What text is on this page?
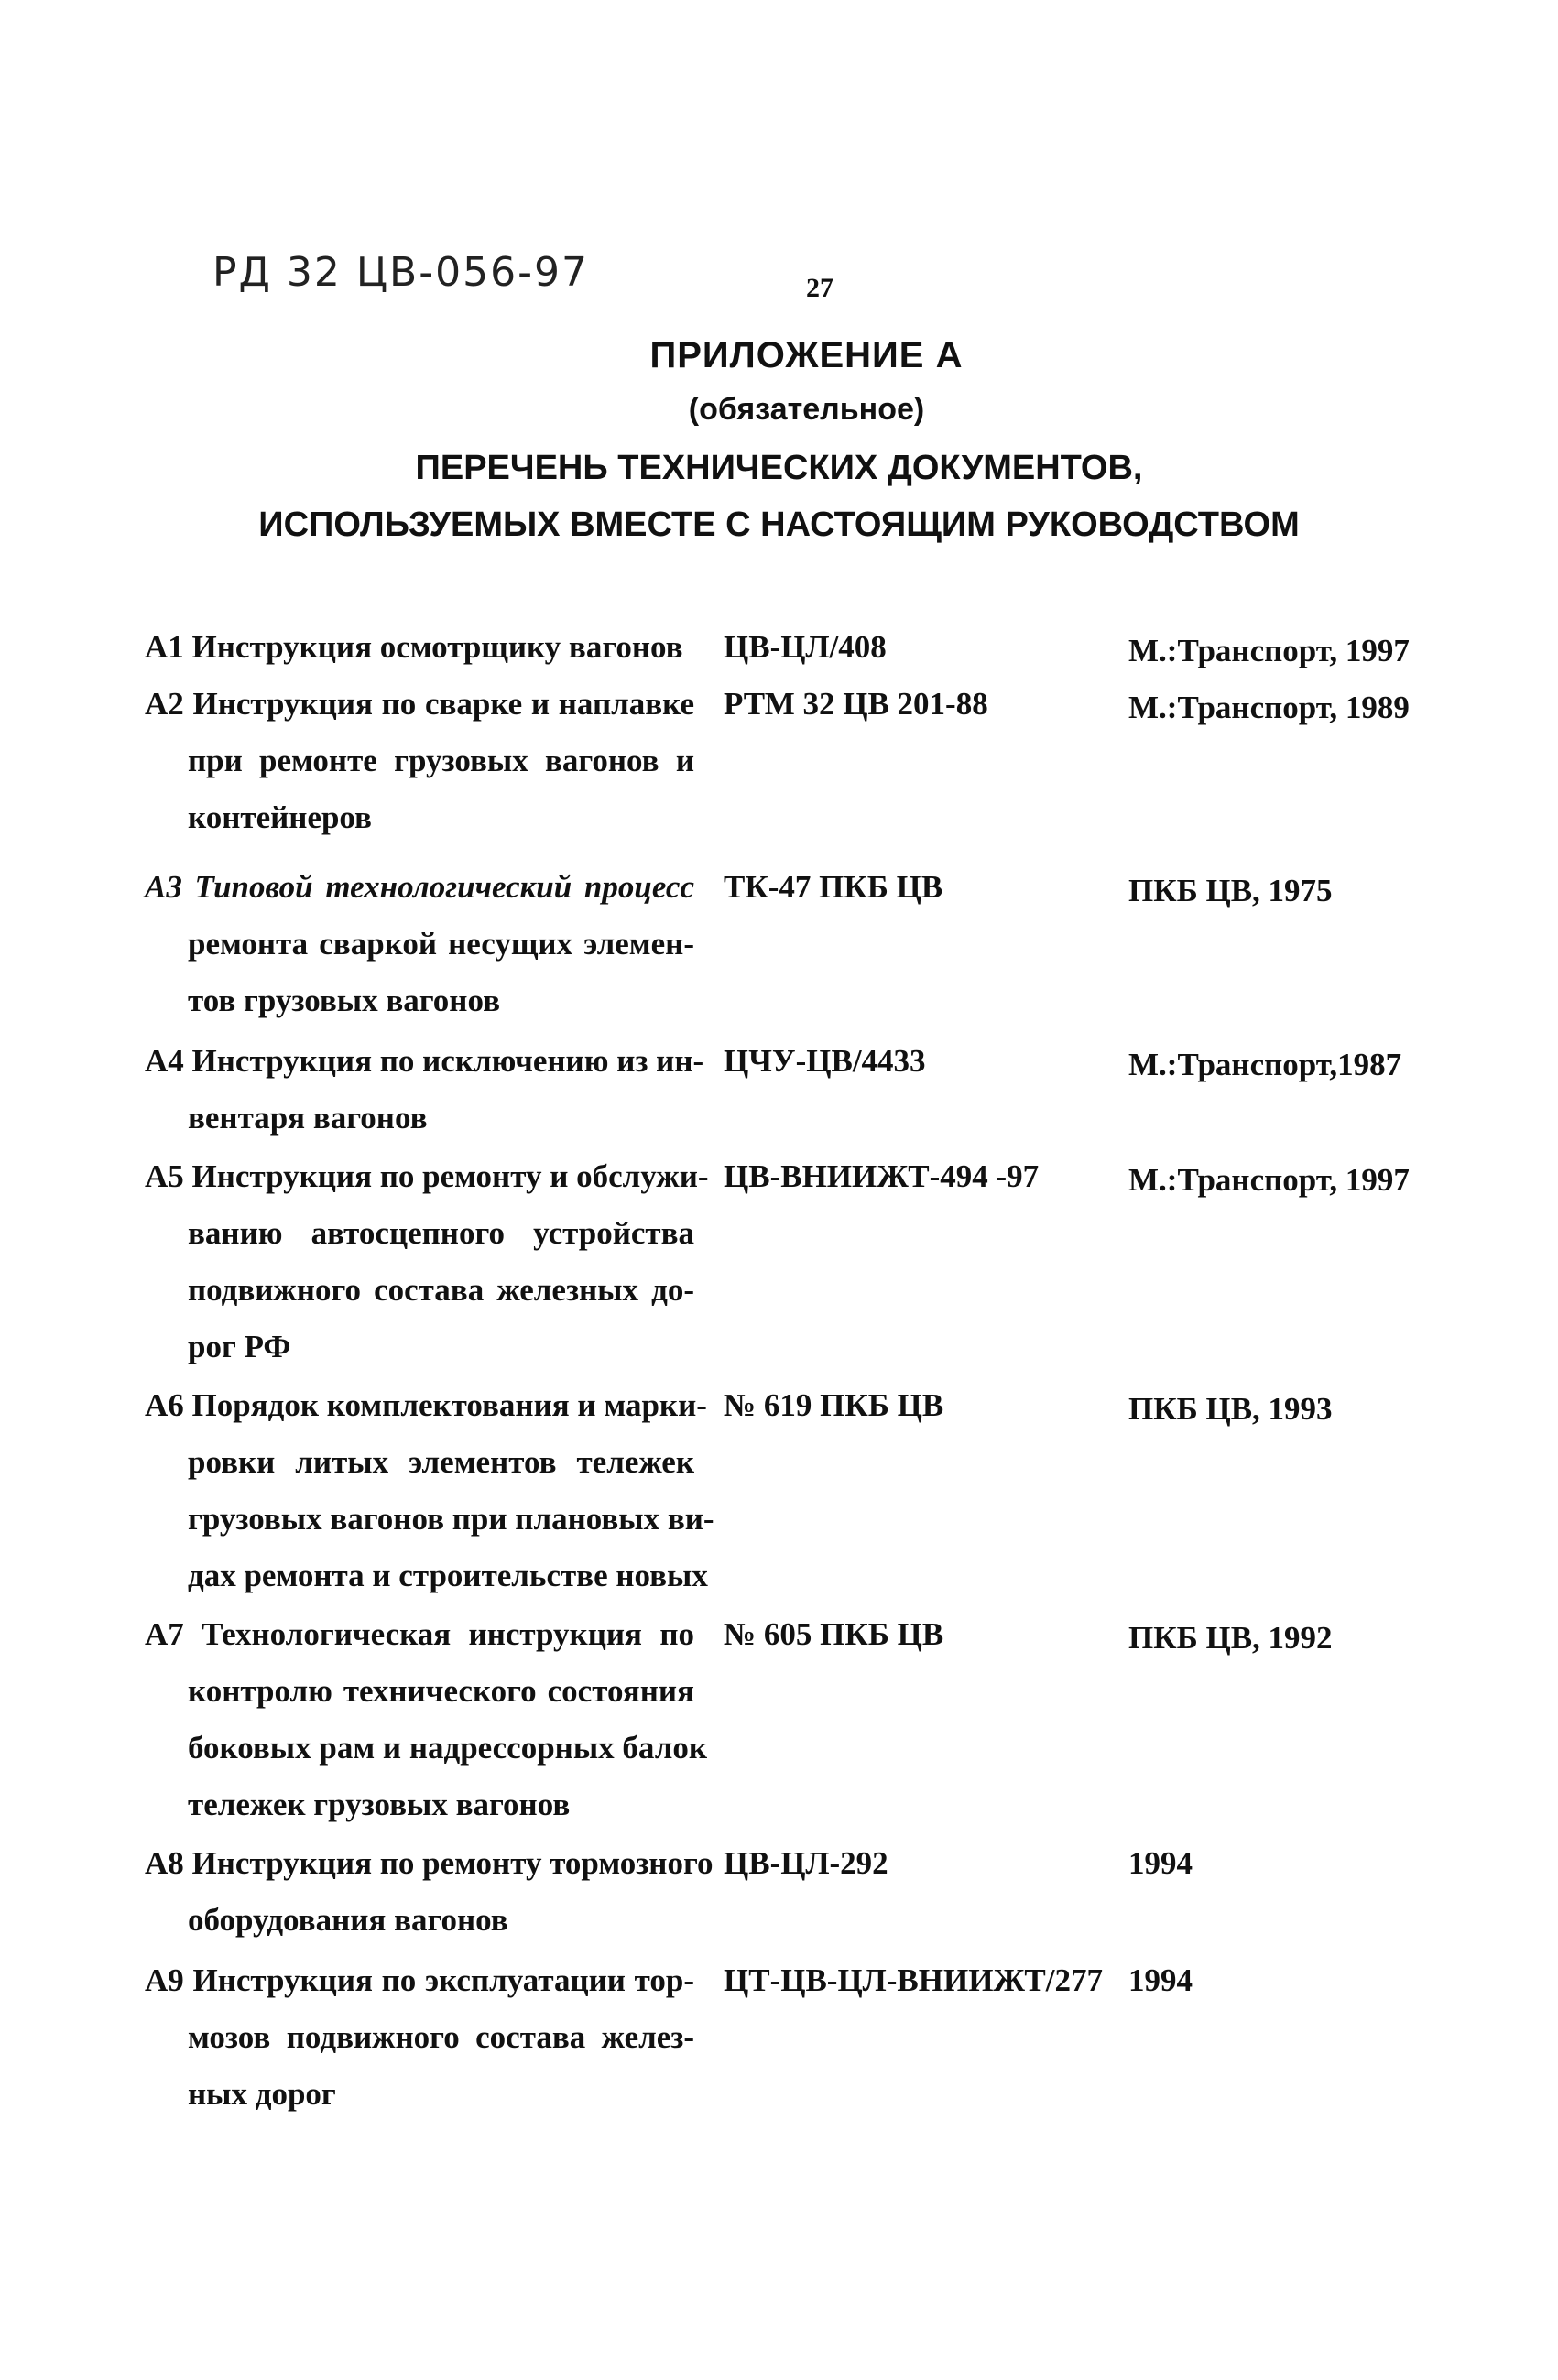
РД 32 ЦВ-056-97	27
ПРИЛОЖЕНИЕ А
(обязательное)
ПЕРЕЧЕНЬ ТЕХНИЧЕСКИХ ДОКУМЕНТОВ,
ИСПОЛЬЗУЕМЫХ ВМЕСТЕ С НАСТОЯЩИМ РУКОВОДСТВОМ
А1 Инструкция осмотрщику вагонов	ЦВ-ЦЛ/408	М.:Транспорт, 1997
А2 Инструкция по сварке и наплавке
при ремонте грузовых вагонов и
контейнеров
РТМ 32 ЦВ 201-88	М.:Транспорт, 1989
А3 Типовой технологический процесс
ремонта сваркой несущих элемен-
тов грузовых вагонов
ТК-47 ПКБ ЦВ	ПКБ ЦВ, 1975
А4 Инструкция по исключению из ин-
вентаря вагонов
ЦЧУ-ЦВ/4433	М.:Транспорт,1987
А5 Инструкция по ремонту и обслужи-
ванию автосцепного устройства
подвижного состава железных до-
рог РФ
ЦВ-ВНИИЖТ-494 -97	М.:Транспорт, 1997
А6 Порядок комплектования и марки-
ровки литых элементов тележек
грузовых вагонов при плановых ви-
дах ремонта и строительстве новых
№ 619 ПКБ ЦВ	ПКБ ЦВ, 1993
А7 Технологическая инструкция по
контролю технического состояния
боковых рам и надрессорных балок
тележек грузовых вагонов
№ 605 ПКБ ЦВ	ПКБ ЦВ, 1992
А8 Инструкция по ремонту тормозного
оборудования вагонов
ЦВ-ЦЛ-292	1994
А9 Инструкция по эксплуатации тор-
мозов подвижного состава желез-
ных дорог
ЦТ-ЦВ-ЦЛ-ВНИИЖТ/277 1994
